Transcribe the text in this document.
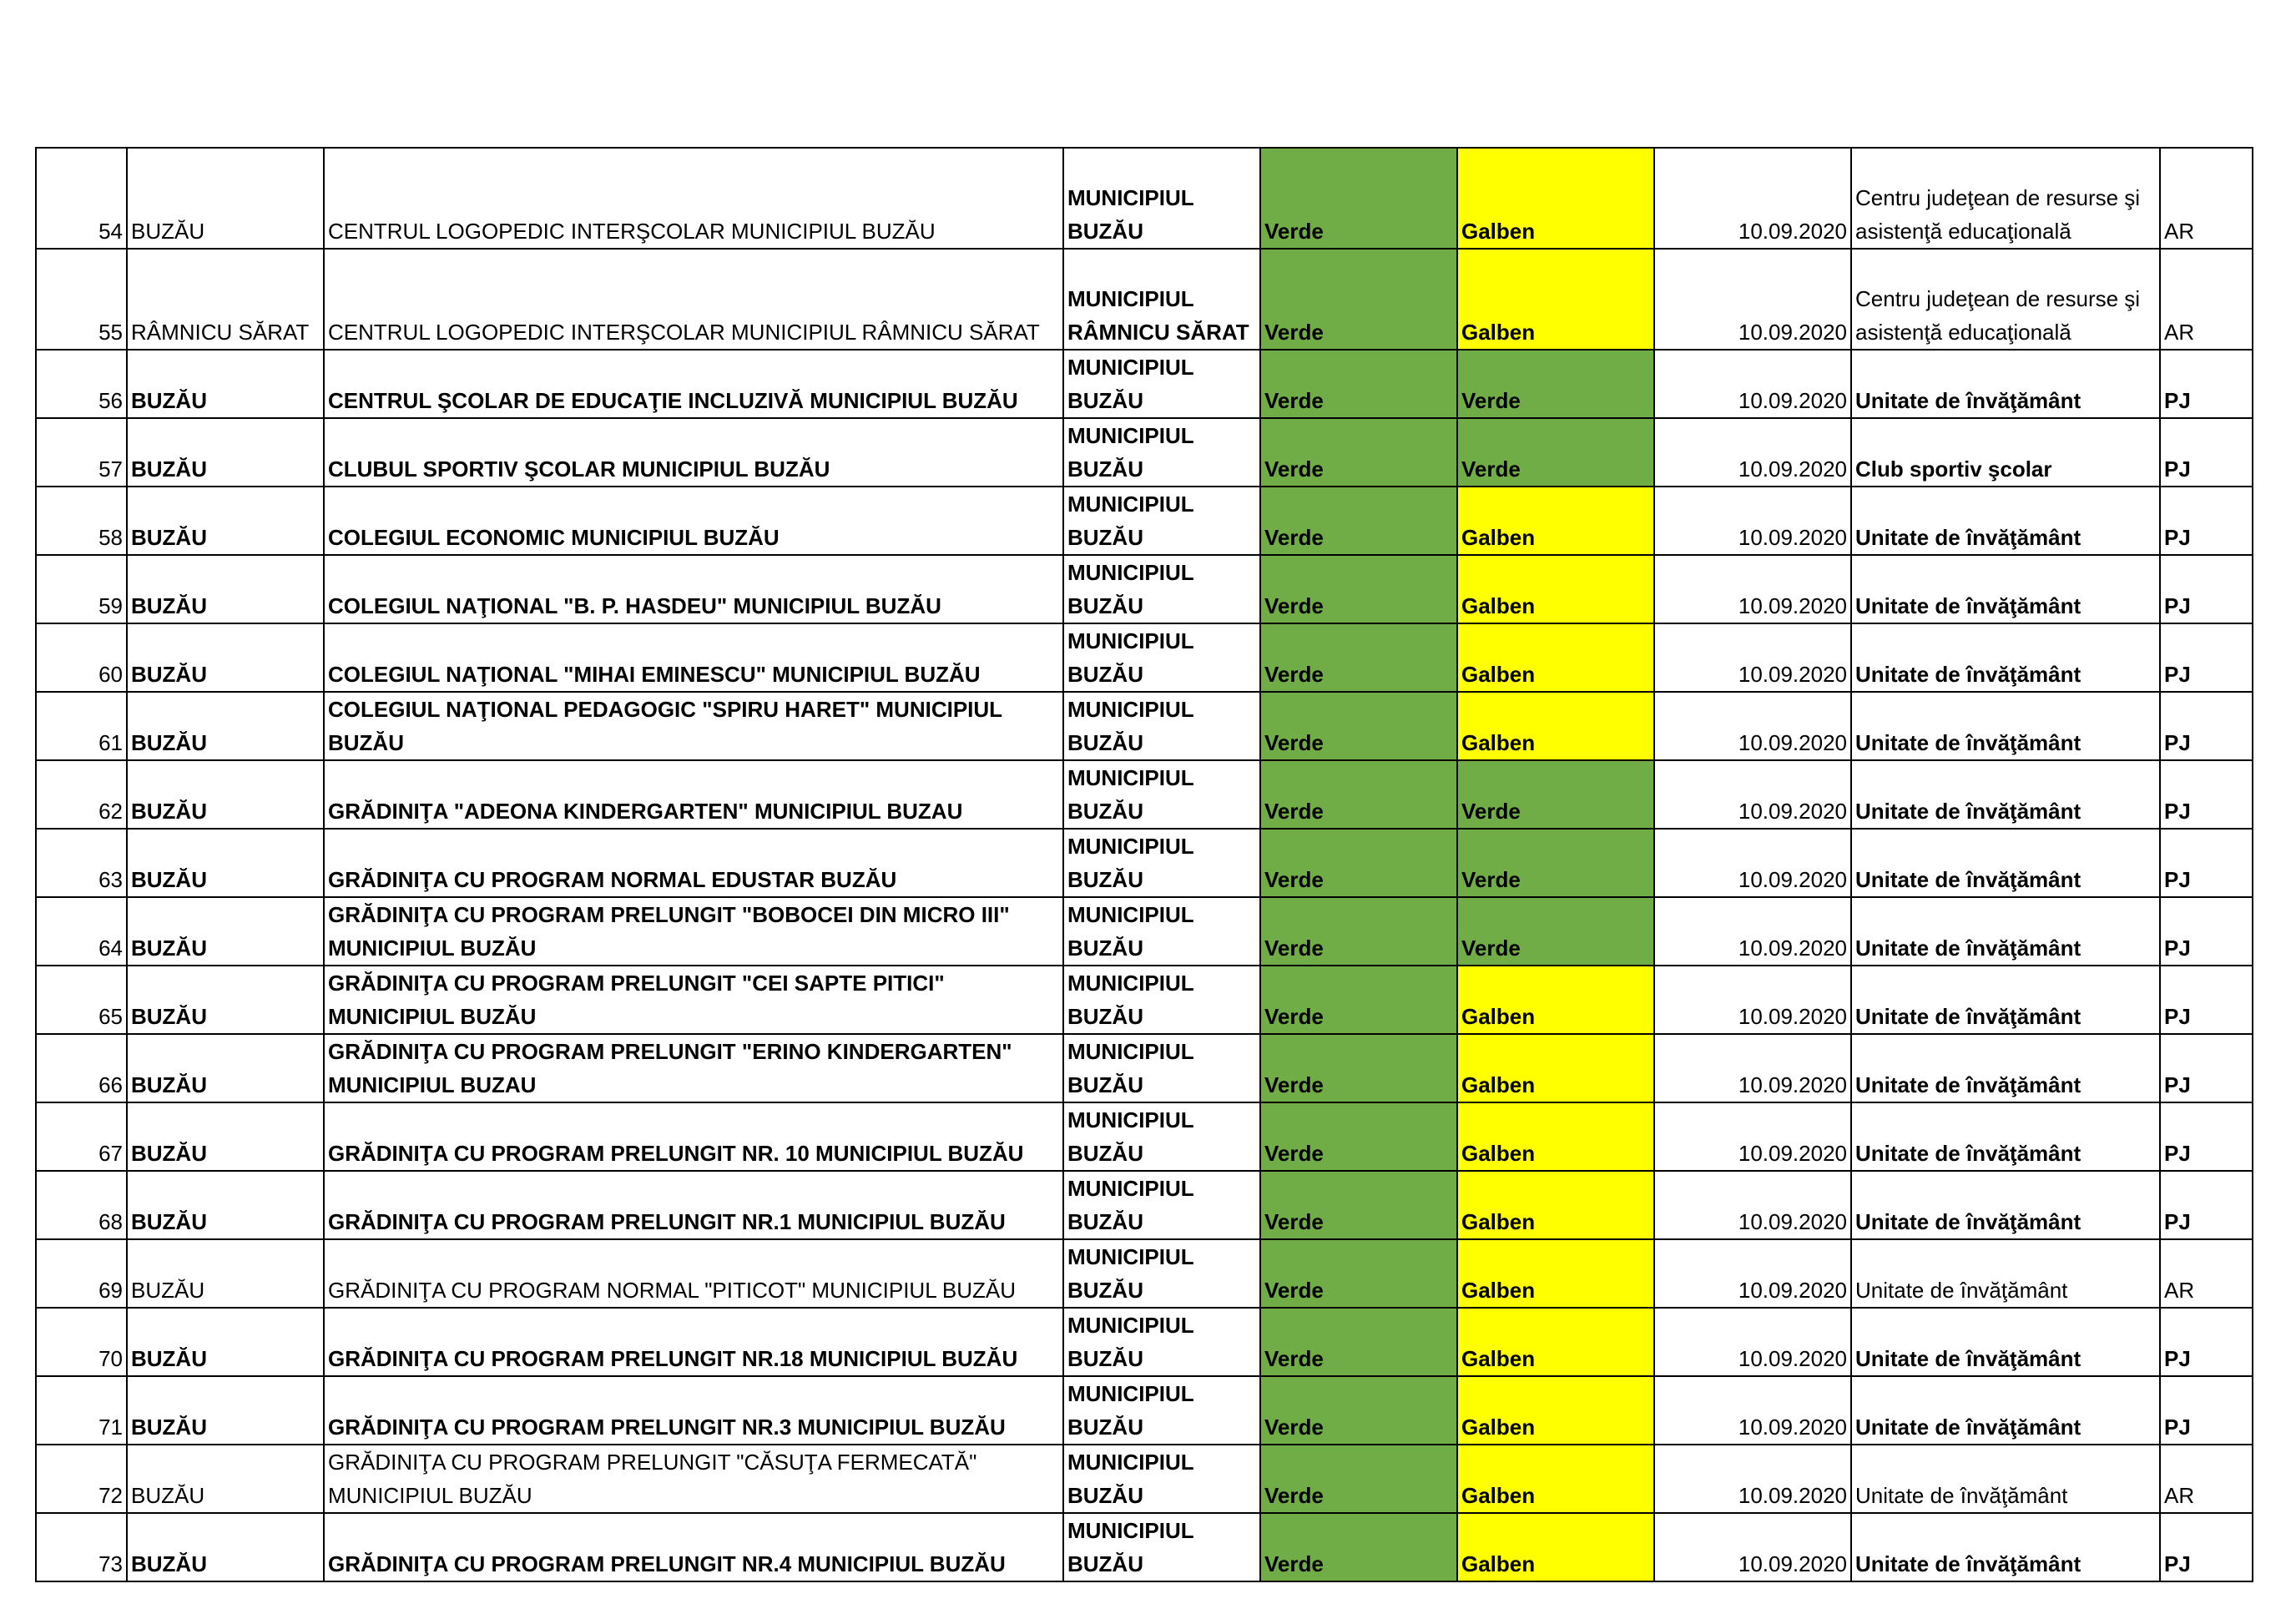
54	BUZĂU	CENTRUL LOGOPEDIC INTERŞCOLAR MUNICIPIUL BUZĂU	MUNICIPIUL BUZĂU	Verde	Galben	10.09.2020	Centru judeţean de resurse şi asistenţă educaţională	AR
55	RÂMNICU SĂRAT	CENTRUL LOGOPEDIC INTERŞCOLAR MUNICIPIUL RÂMNICU SĂRAT	MUNICIPIUL RÂMNICU SĂRAT	Verde	Galben	10.09.2020	Centru judeţean de resurse şi asistenţă educaţională	AR
56	BUZĂU	CENTRUL ŞCOLAR DE EDUCAŢIE INCLUZIVĂ MUNICIPIUL BUZĂU	MUNICIPIUL BUZĂU	Verde	Verde	10.09.2020	Unitate de învăţământ	PJ
57	BUZĂU	CLUBUL SPORTIV ŞCOLAR MUNICIPIUL BUZĂU	MUNICIPIUL BUZĂU	Verde	Verde	10.09.2020	Club sportiv şcolar	PJ
58	BUZĂU	COLEGIUL ECONOMIC MUNICIPIUL BUZĂU	MUNICIPIUL BUZĂU	Verde	Galben	10.09.2020	Unitate de învăţământ	PJ
59	BUZĂU	COLEGIUL NAŢIONAL "B. P. HASDEU" MUNICIPIUL BUZĂU	MUNICIPIUL BUZĂU	Verde	Galben	10.09.2020	Unitate de învăţământ	PJ
60	BUZĂU	COLEGIUL NAŢIONAL "MIHAI EMINESCU" MUNICIPIUL BUZĂU	MUNICIPIUL BUZĂU	Verde	Galben	10.09.2020	Unitate de învăţământ	PJ
61	BUZĂU	COLEGIUL NAŢIONAL PEDAGOGIC "SPIRU HARET" MUNICIPIUL BUZĂU	MUNICIPIUL BUZĂU	Verde	Galben	10.09.2020	Unitate de învăţământ	PJ
62	BUZĂU	GRĂDINIŢA "ADEONA KINDERGARTEN" MUNICIPIUL BUZAU	MUNICIPIUL BUZĂU	Verde	Verde	10.09.2020	Unitate de învăţământ	PJ
63	BUZĂU	GRĂDINIŢA CU PROGRAM NORMAL EDUSTAR BUZĂU	MUNICIPIUL BUZĂU	Verde	Verde	10.09.2020	Unitate de învăţământ	PJ
64	BUZĂU	GRĂDINIŢA CU PROGRAM PRELUNGIT "BOBOCEI DIN MICRO III" MUNICIPIUL BUZĂU	MUNICIPIUL BUZĂU	Verde	Verde	10.09.2020	Unitate de învăţământ	PJ
65	BUZĂU	GRĂDINIŢA CU PROGRAM PRELUNGIT "CEI SAPTE PITICI" MUNICIPIUL BUZĂU	MUNICIPIUL BUZĂU	Verde	Galben	10.09.2020	Unitate de învăţământ	PJ
66	BUZĂU	GRĂDINIŢA CU PROGRAM PRELUNGIT "ERINO KINDERGARTEN" MUNICIPIUL BUZAU	MUNICIPIUL BUZĂU	Verde	Galben	10.09.2020	Unitate de învăţământ	PJ
67	BUZĂU	GRĂDINIŢA CU PROGRAM PRELUNGIT NR. 10 MUNICIPIUL BUZĂU	MUNICIPIUL BUZĂU	Verde	Galben	10.09.2020	Unitate de învăţământ	PJ
68	BUZĂU	GRĂDINIŢA CU PROGRAM PRELUNGIT NR.1 MUNICIPIUL BUZĂU	MUNICIPIUL BUZĂU	Verde	Galben	10.09.2020	Unitate de învăţământ	PJ
69	BUZĂU	GRĂDINIŢA CU PROGRAM NORMAL "PITICOT" MUNICIPIUL BUZĂU	MUNICIPIUL BUZĂU	Verde	Galben	10.09.2020	Unitate de învăţământ	AR
70	BUZĂU	GRĂDINIŢA CU PROGRAM PRELUNGIT NR.18 MUNICIPIUL BUZĂU	MUNICIPIUL BUZĂU	Verde	Galben	10.09.2020	Unitate de învăţământ	PJ
71	BUZĂU	GRĂDINIŢA CU PROGRAM PRELUNGIT NR.3 MUNICIPIUL BUZĂU	MUNICIPIUL BUZĂU	Verde	Galben	10.09.2020	Unitate de învăţământ	PJ
72	BUZĂU	GRĂDINIŢA CU PROGRAM PRELUNGIT "CĂSUŢA FERMECATĂ" MUNICIPIUL BUZĂU	MUNICIPIUL BUZĂU	Verde	Galben	10.09.2020	Unitate de învăţământ	AR
73	BUZĂU	GRĂDINIŢA CU PROGRAM PRELUNGIT NR.4 MUNICIPIUL BUZĂU	MUNICIPIUL BUZĂU	Verde	Galben	10.09.2020	Unitate de învăţământ	PJ
